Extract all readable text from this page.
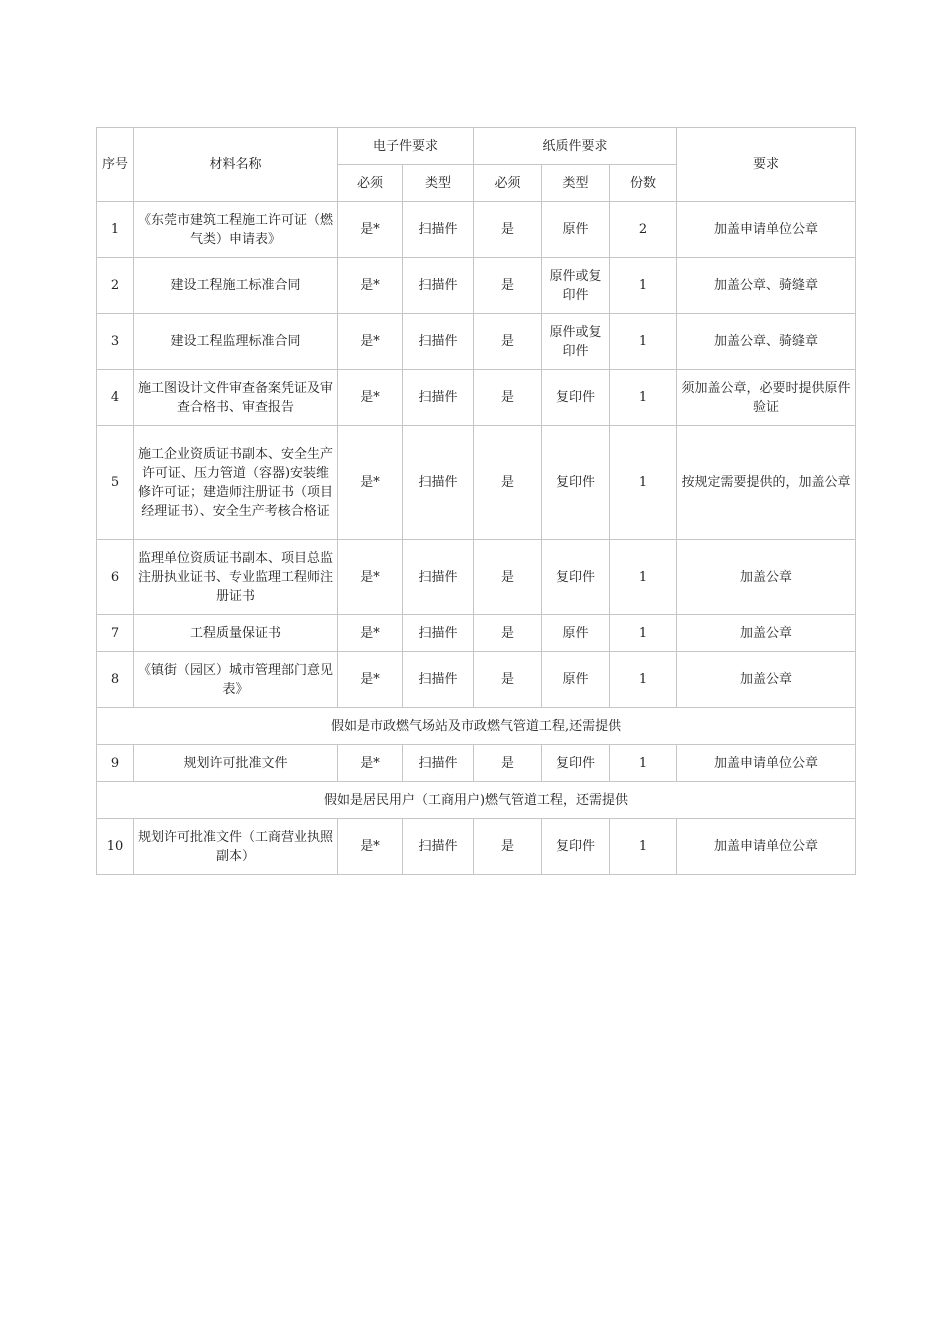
序号	材料名称	电子件要求		纸质件要求			要求
		必须	类型	必须	类型	份数	
1	《东莞市建筑工程施工许可证（燃气类）申请表》	是*	扫描件	是	原件	2	加盖申请单位公章
2	建设工程施工标准合同	是*	扫描件	是	原件或复印件	1	加盖公章、骑缝章
3	建设工程监理标准合同	是*	扫描件	是	原件或复印件	1	加盖公章、骑缝章
4	施工图设计文件审查备案凭证及审查合格书、审查报告	是*	扫描件	是	复印件	1	须加盖公章，必要时提供原件验证
5	施工企业资质证书副本、安全生产许可证、压力管道（容器)安装维修许可证；建造师注册证书（项目经理证书）、安全生产考核合格证	是*	扫描件	是	复印件	1	按规定需要提供的，加盖公章
6	监理单位资质证书副本、项目总监注册执业证书、专业监理工程师注册证书	是*	扫描件	是	复印件	1	加盖公章
7	工程质量保证书	是*	扫描件	是	原件	1	加盖公章
8	《镇街（园区）城市管理部门意见表》	是*	扫描件	是	原件	1	加盖公章
假如是市政燃气场站及市政燃气管道工程,还需提供							
9	规划许可批准文件	是*	扫描件	是	复印件	1	加盖申请单位公章
假如是居民用户（工商用户)燃气管道工程，还需提供							
10	规划许可批准文件（工商营业执照副本）	是*	扫描件	是	复印件	1	加盖申请单位公章
